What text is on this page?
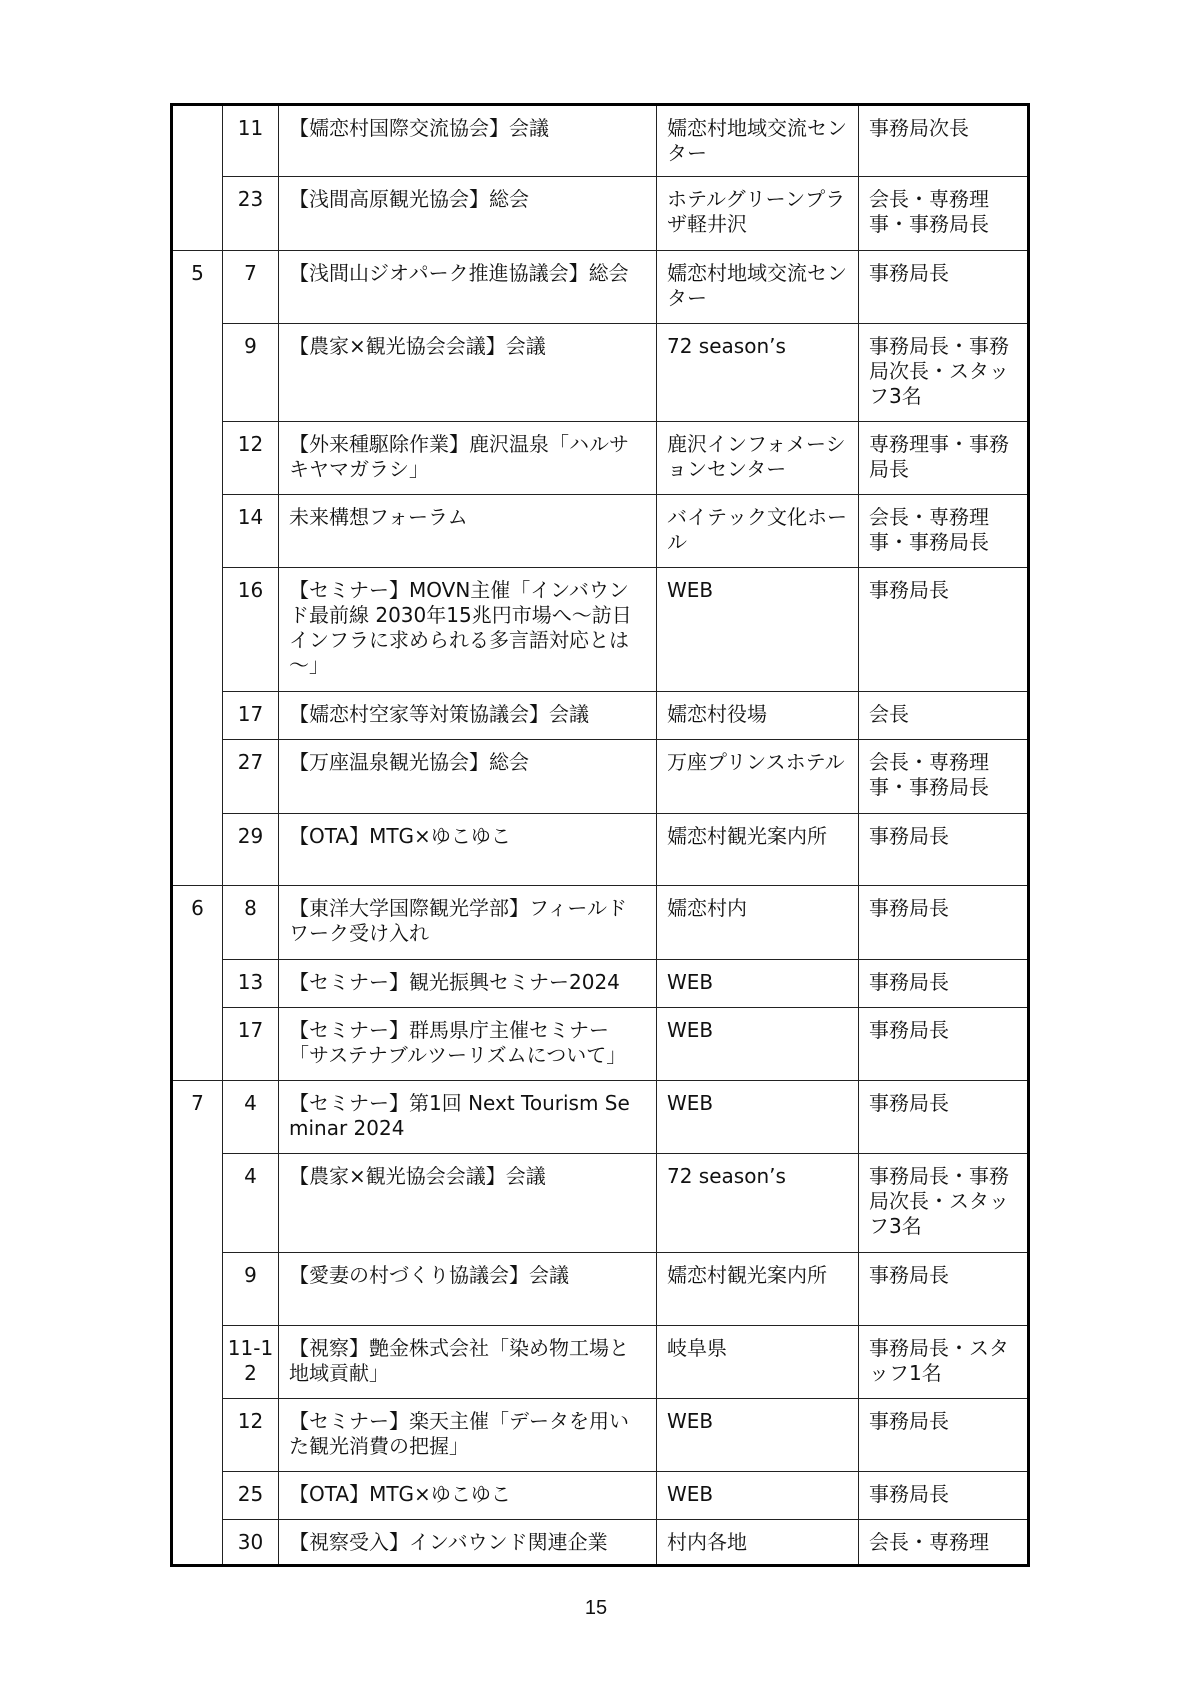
	11	【嬬恋村国際交流協会】会議	嬬恋村地域交流センター	事務局次長
	23	【浅間高原観光協会】総会	ホテルグリーンプラザ軽井沢	会長・専務理事・事務局長
5	7	【浅間山ジオパーク推進協議会】総会	嬬恋村地域交流センター	事務局長
	9	【農家×観光協会会議】会議	72 season’s	事務局長・事務局次長・スタッフ3名
	12	【外来種駆除作業】鹿沢温泉「ハルサキヤマガラシ」	鹿沢インフォメーションセンター	専務理事・事務局長
	14	未来構想フォーラム	バイテック文化ホール	会長・専務理事・事務局長
	16	【セミナー】MOVN主催「インバウンド最前線 2030年15兆円市場へ～訪日インフラに求められる多言語対応とは～」	WEB	事務局長
	17	【嬬恋村空家等対策協議会】会議	嬬恋村役場	会長
	27	【万座温泉観光協会】総会	万座プリンスホテル	会長・専務理事・事務局長
	29	【OTA】MTG×ゆこゆこ	嬬恋村観光案内所	事務局長
6	8	【東洋大学国際観光学部】フィールドワーク受け入れ	嬬恋村内	事務局長
	13	【セミナー】観光振興セミナー2024	WEB	事務局長
	17	【セミナー】群馬県庁主催セミナー「サステナブルツーリズムについて」	WEB	事務局長
7	4	【セミナー】第1回 Next Tourism Seminar 2024	WEB	事務局長
	4	【農家×観光協会会議】会議	72 season’s	事務局長・事務局次長・スタッフ3名
	9	【愛妻の村づくり協議会】会議	嬬恋村観光案内所	事務局長
	11-12	【視察】艶金株式会社「染め物工場と地域貢献」	岐阜県	事務局長・スタッフ1名
	12	【セミナー】楽天主催「データを用いた観光消費の把握」	WEB	事務局長
	25	【OTA】MTG×ゆこゆこ	WEB	事務局長
	30	【視察受入】インバウンド関連企業	村内各地	会長・専務理
15
